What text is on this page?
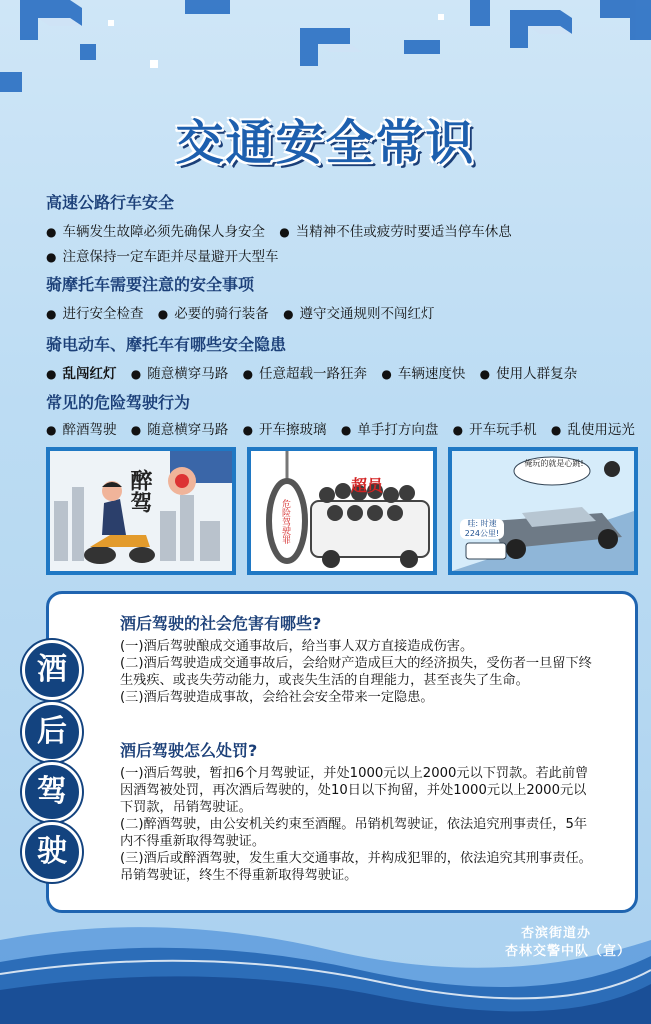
交通安全常识
高速公路行车安全
● 车辆发生故障必须先确保人身安全 ● 当精神不佳或疲劳时要适当停车休息
● 注意保持一定车距并尽量避开大型车
骑摩托车需要注意的安全事项
● 进行安全检查 ● 必要的骑行装备 ● 遵守交通规则不闯红灯
骑电动车、摩托车有哪些安全隐患
● 乱闯红灯 ● 随意横穿马路 ● 任意超载一路狂奔 ● 车辆速度快 ● 使用人群复杂
常见的危险驾驶行为
● 醉酒驾驶 ● 随意横穿马路 ● 开车擦玻璃 ● 单手打方向盘 ● 开车玩手机 ● 乱使用远光
醉驾	超员
危险驾驶罪
俺玩的就是心跳!
哇: 时速224公里!
酒
后
驾
驶
酒后驾驶的社会危害有哪些?

(一)酒后驾驶酿成交通事故后，给当事人双方直接造成伤害。

(二)酒后驾驶造成交通事故后，会给财产造成巨大的经济损失，受伤者一旦留下终生残疾、或丧失劳动能力，或丧失生活的自理能力，甚至丧失了生命。

(三)酒后驾驶造成事故，会给社会安全带来一定隐患。

酒后驾驶怎么处罚?

(一)酒后驾驶，暂扣6个月驾驶证，并处1000元以上2000元以下罚款。若此前曾因酒驾被处罚，再次酒后驾驶的，处10日以下拘留，并处1000元以上2000元以下罚款，吊销驾驶证。

(二)醉酒驾驶，由公安机关约束至酒醒。吊销机驾驶证，依法追究刑事责任，5年内不得重新取得驾驶证。

(三)酒后或醉酒驾驶，发生重大交通事故，并构成犯罪的，依法追究其刑事责任。吊销驾驶证，终生不得重新取得驾驶证。

杏滨街道办
杏林交警中队（宣）
